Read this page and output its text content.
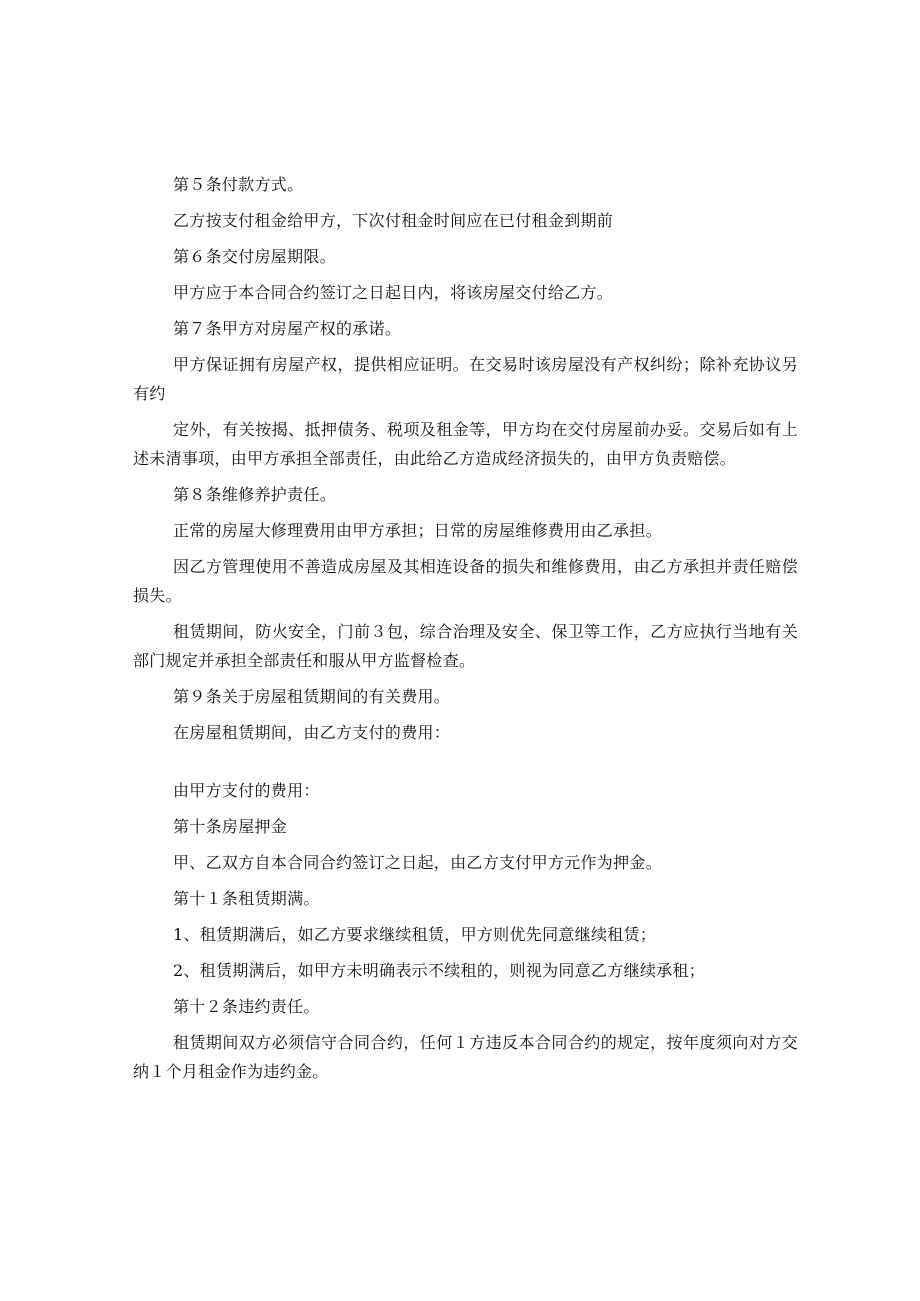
第５条付款方式。

乙方按支付租金给甲方，下次付租金时间应在已付租金到期前

第６条交付房屋期限。

甲方应于本合同合约签订之日起日内，将该房屋交付给乙方。

第７条甲方对房屋产权的承诺。

甲方保证拥有房屋产权，提供相应证明。在交易时该房屋没有产权纠纷；除补充协议另有约

定外，有关按揭、抵押债务、税项及租金等，甲方均在交付房屋前办妥。交易后如有上述未清事项，由甲方承担全部责任，由此给乙方造成经济损失的，由甲方负责赔偿。

第８条维修养护责任。

正常的房屋大修理费用由甲方承担；日常的房屋维修费用由乙承担。

因乙方管理使用不善造成房屋及其相连设备的损失和维修费用，由乙方承担并责任赔偿损失。

租赁期间，防火安全，门前３包，综合治理及安全、保卫等工作，乙方应执行当地有关部门规定并承担全部责任和服从甲方监督检查。

第９条关于房屋租赁期间的有关费用。

在房屋租赁期间，由乙方支付的费用：

由甲方支付的费用：

第十条房屋押金

甲、乙双方自本合同合约签订之日起，由乙方支付甲方元作为押金。

第十１条租赁期满。

1、租赁期满后，如乙方要求继续租赁，甲方则优先同意继续租赁；

2、租赁期满后，如甲方未明确表示不续租的，则视为同意乙方继续承租；

第十２条违约责任。

租赁期间双方必须信守合同合约，任何１方违反本合同合约的规定，按年度须向对方交纳１个月租金作为违约金。
